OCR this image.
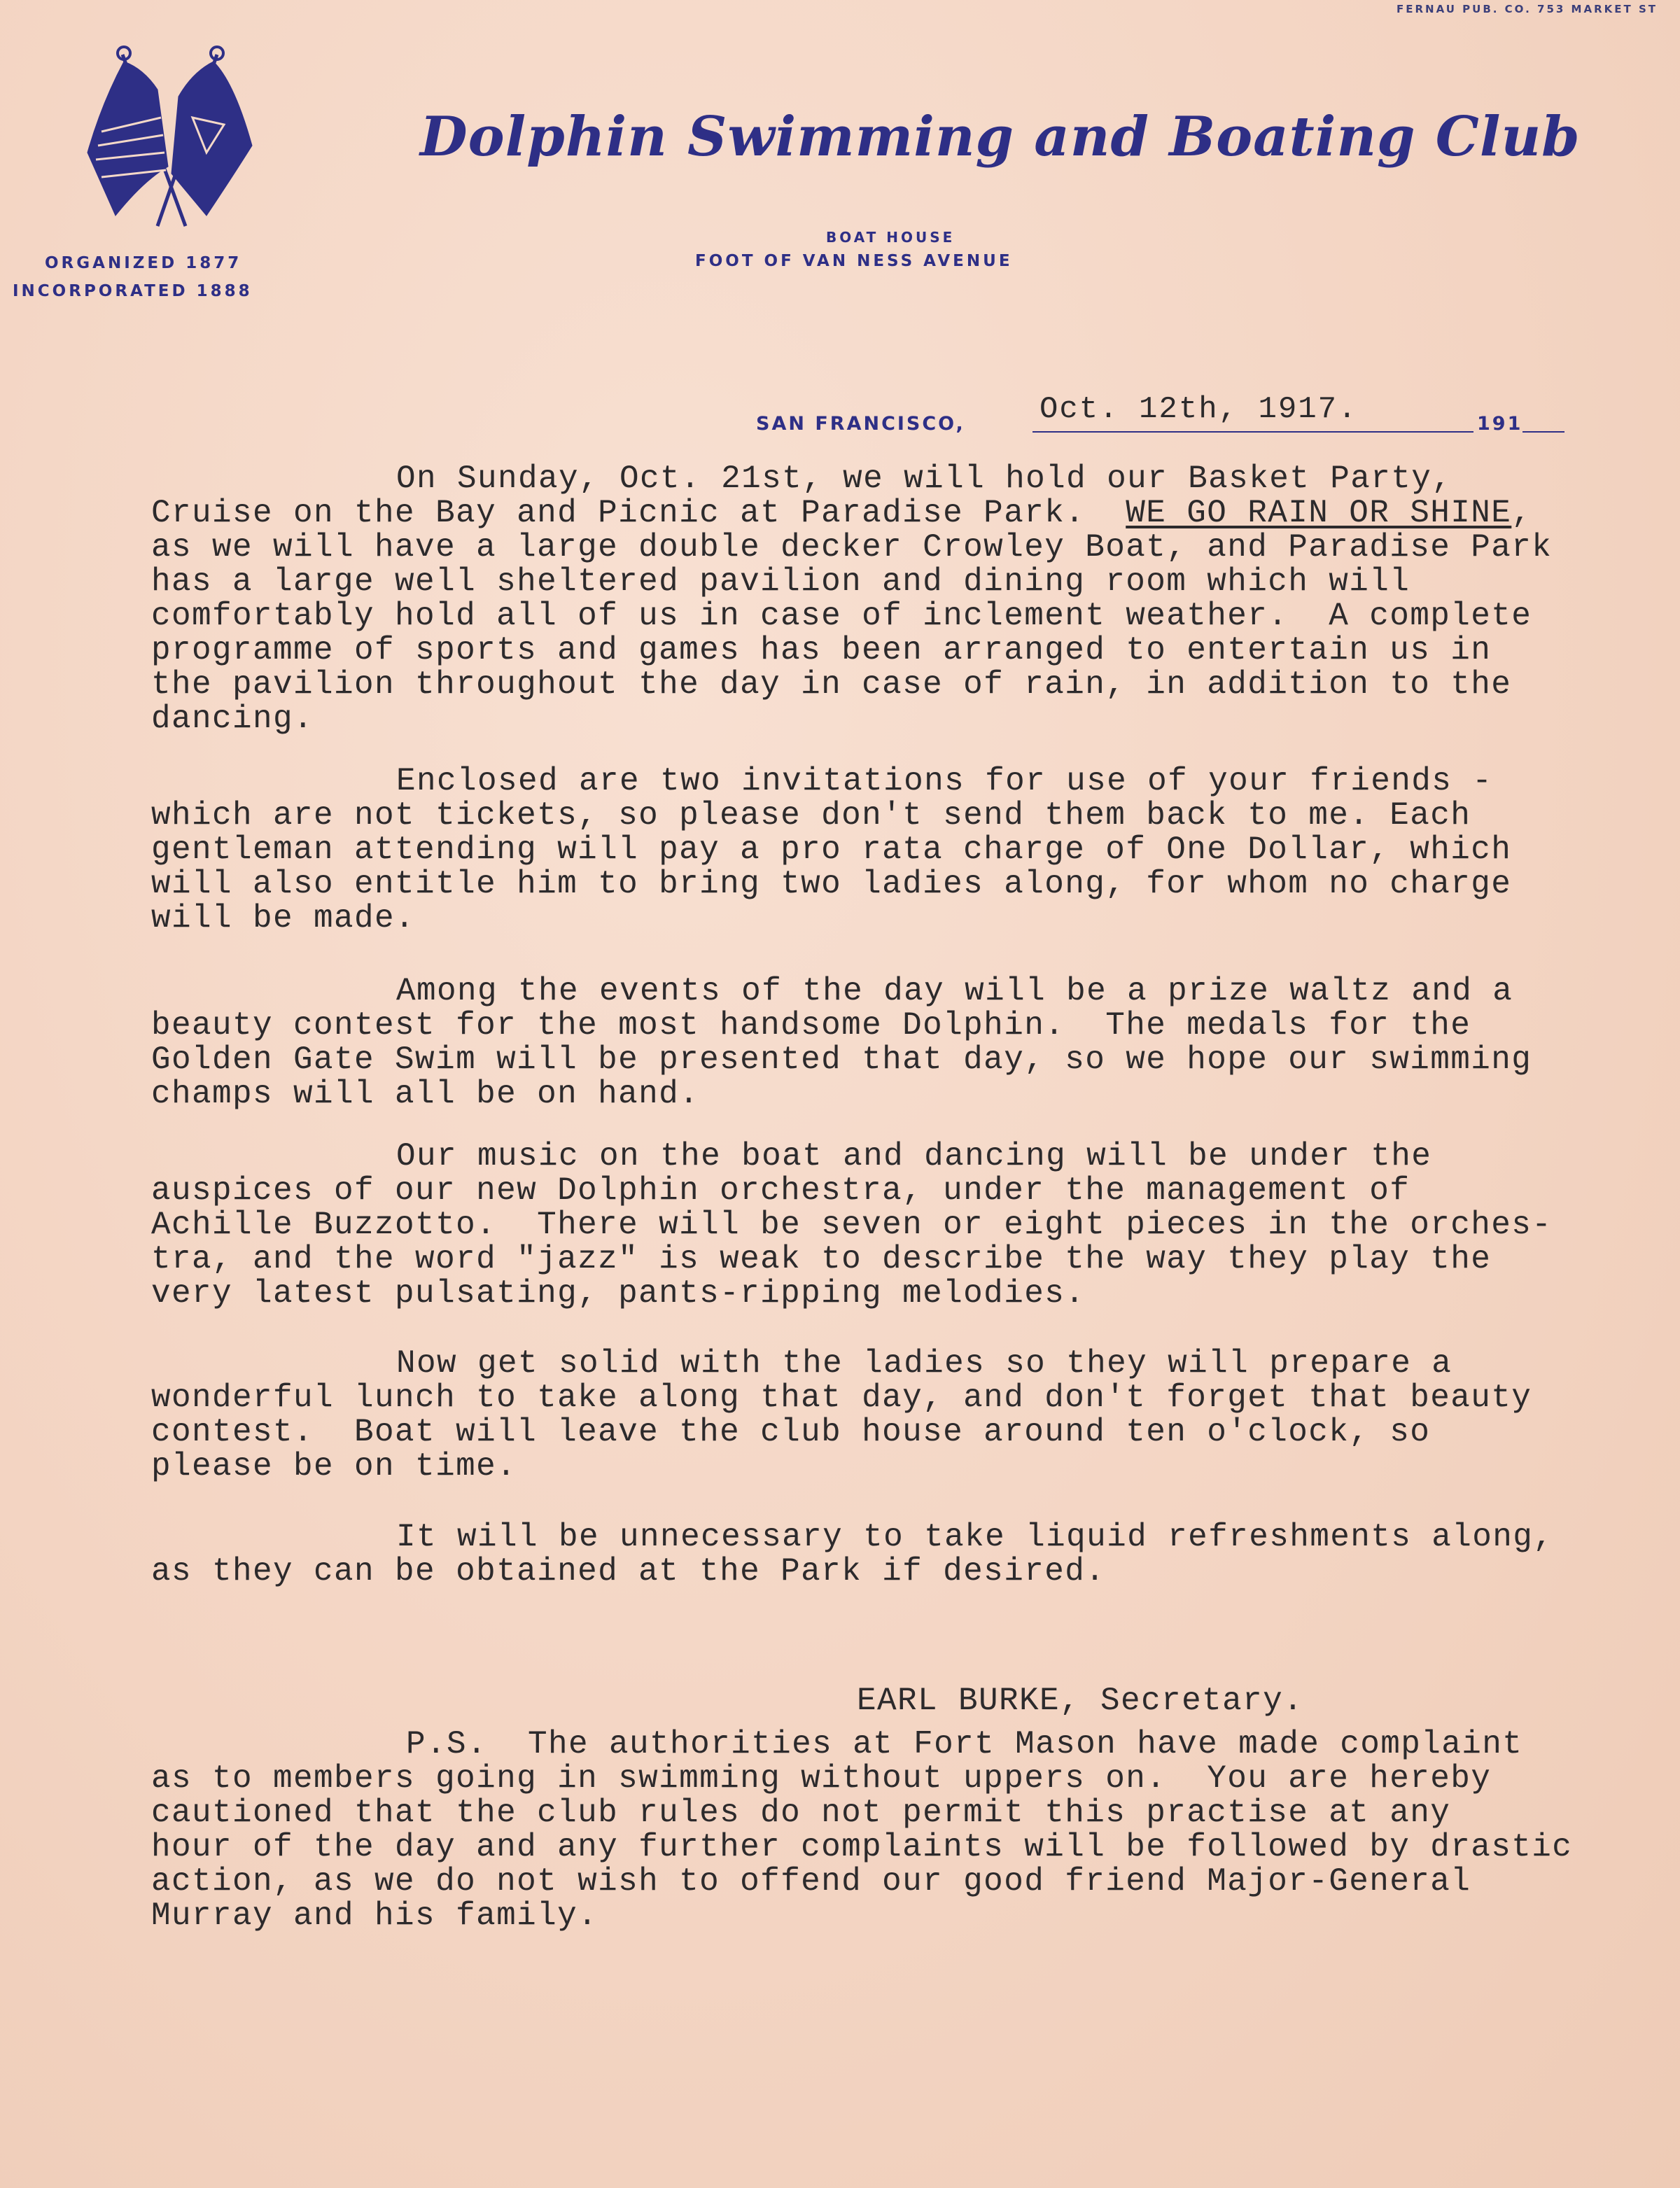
FERNAU PUB. CO. 753 MARKET ST
ORGANIZED 1877
INCORPORATED 1888
Dolphin Swimming and Boating Club
BOAT HOUSE
FOOT OF VAN NESS AVENUE
SAN FRANCISCO, Oct. 12th, 1917.	191
On Sunday, Oct. 21st, we will hold our Basket Party,
Cruise on the Bay and Picnic at Paradise Park.  WE GO RAIN OR SHINE,
as we will have a large double decker Crowley Boat, and Paradise Park
has a large well sheltered pavilion and dining room which will
comfortably hold all of us in case of inclement weather.  A complete
programme of sports and games has been arranged to entertain us in
the pavilion throughout the day in case of rain, in addition to the
dancing.
Enclosed are two invitations for use of your friends -
which are not tickets, so please don't send them back to me. Each
gentleman attending will pay a pro rata charge of One Dollar, which
will also entitle him to bring two ladies along, for whom no charge
will be made.
Among the events of the day will be a prize waltz and a
beauty contest for the most handsome Dolphin.  The medals for the
Golden Gate Swim will be presented that day, so we hope our swimming
champs will all be on hand.
Our music on the boat and dancing will be under the
auspices of our new Dolphin orchestra, under the management of
Achille Buzzotto.  There will be seven or eight pieces in the orches-
tra, and the word "jazz" is weak to describe the way they play the
very latest pulsating, pants-ripping melodies.
Now get solid with the ladies so they will prepare a
wonderful lunch to take along that day, and don't forget that beauty
contest.  Boat will leave the club house around ten o'clock, so
please be on time.
It will be unnecessary to take liquid refreshments along,
as they can be obtained at the Park if desired.

EARL BURKE, Secretary.

P.S.  The authorities at Fort Mason have made complaint
as to members going in swimming without uppers on.  You are hereby
cautioned that the club rules do not permit this practise at any
hour of the day and any further complaints will be followed by drastic
action, as we do not wish to offend our good friend Major-General
Murray and his family.
